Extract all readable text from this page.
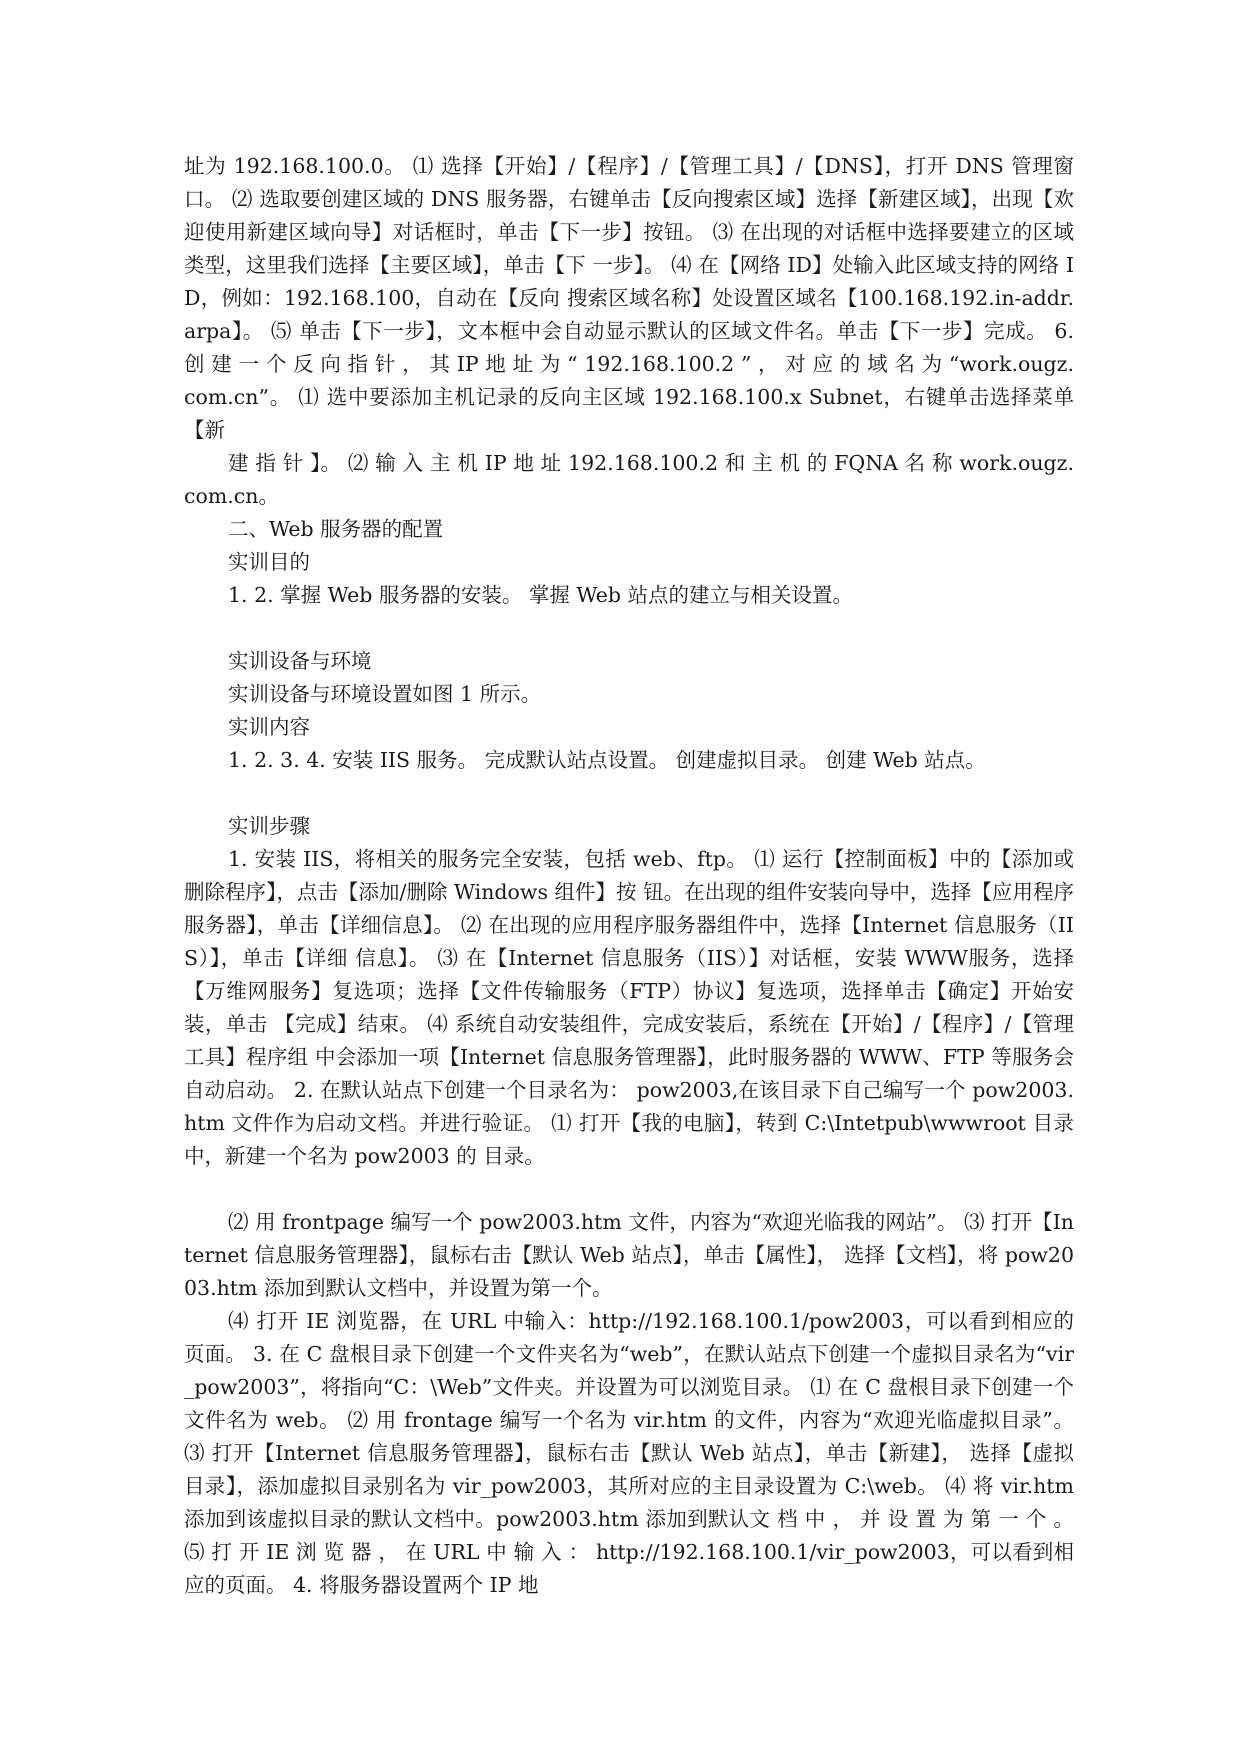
址为 192.168.100.0。 ⑴ 选择【开始】/【程序】/【管理工具】/【DNS】，打开 DNS 管理窗口。 ⑵ 选取要创建区域的 DNS 服务器，右键单击【反向搜索区域】选择【新建区域】，出现【欢迎使用新建区域向导】对话框时，单击【下一步】按钮。 ⑶ 在出现的对话框中选择要建立的区域类型，这里我们选择【主要区域】，单击【下 一步】。 ⑷ 在【网络 ID】处输入此区域支持的网络 ID，例如：192.168.100，自动在【反向 搜索区域名称】处设置区域名【100.168.192.in-addr.arpa】。 ⑸ 单击【下一步】，文本框中会自动显示默认的区域文件名。单击【下一步】完成。 6. 创 建 一 个 反 向 指 针 ， 其 IP 地 址 为 “ 192.168.100.2 ” ， 对 应 的 域 名 为 “work.ougz.com.cn”。 ⑴ 选中要添加主机记录的反向主区域 192.168.100.x Subnet，右键单击选择菜单【新

建 指 针 】。 ⑵ 输 入 主 机 IP 地 址 192.168.100.2 和 主 机 的 FQNA 名 称 work.ougz.com.cn。

二、Web 服务器的配置

实训目的

1. 2. 掌握 Web 服务器的安装。 掌握 Web 站点的建立与相关设置。

实训设备与环境

实训设备与环境设置如图 1 所示。

实训内容

1. 2. 3. 4. 安装 IIS 服务。 完成默认站点设置。 创建虚拟目录。 创建 Web 站点。

实训步骤

1. 安装 IIS，将相关的服务完全安装，包括 web、ftp。 ⑴ 运行【控制面板】中的【添加或删除程序】，点击【添加/删除 Windows 组件】按 钮。在出现的组件安装向导中，选择【应用程序服务器】，单击【详细信息】。 ⑵ 在出现的应用程序服务器组件中，选择【Internet 信息服务（IIS）】，单击【详细 信息】。 ⑶ 在【Internet 信息服务（IIS）】对话框，安装 WWW服务，选择【万维网服务】复选项；选择【文件传输服务（FTP）协议】复选项，选择单击【确定】开始安装，单击 【完成】结束。 ⑷ 系统自动安装组件，完成安装后，系统在【开始】/【程序】/【管理工具】程序组 中会添加一项【Internet 信息服务管理器】，此时服务器的 WWW、FTP 等服务会自动启动。 2. 在默认站点下创建一个目录名为： pow2003,在该目录下自己编写一个 pow2003.htm 文件作为启动文档。并进行验证。 ⑴ 打开【我的电脑】，转到 C:\Intetpub\wwwroot 目录中，新建一个名为 pow2003 的 目录。

⑵ 用 frontpage 编写一个 pow2003.htm 文件，内容为“欢迎光临我的网站”。 ⑶ 打开【Internet 信息服务管理器】，鼠标右击【默认 Web 站点】，单击【属性】， 选择【文档】，将 pow2003.htm 添加到默认文档中，并设置为第一个。

⑷ 打开 IE 浏览器，在 URL 中输入：http://192.168.100.1/pow2003，可以看到相应的 页面。 3. 在 C 盘根目录下创建一个文件夹名为“web”，在默认站点下创建一个虚拟目录名为“vir_pow2003”，将指向“C：\Web”文件夹。并设置为可以浏览目录。 ⑴ 在 C 盘根目录下创建一个文件名为 web。 ⑵ 用 frontage 编写一个名为 vir.htm 的文件，内容为“欢迎光临虚拟目录”。 ⑶ 打开【Internet 信息服务管理器】，鼠标右击【默认 Web 站点】，单击【新建】， 选择【虚拟目录】，添加虚拟目录别名为 vir_pow2003，其所对应的主目录设置为 C:\web。 ⑷ 将 vir.htm 添加到该虚拟目录的默认文档中。pow2003.htm 添加到默认文 档 中 ， 并 设 置 为 第 一 个 。 ⑸ 打 开 IE 浏 览 器 ， 在 URL 中 输 入 ： http://192.168.100.1/vir_pow2003，可以看到相 应的页面。 4. 将服务器设置两个 IP 地
